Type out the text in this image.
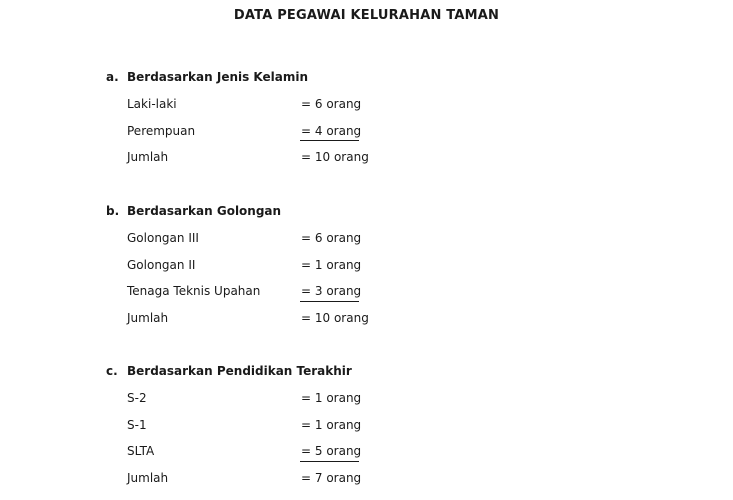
DATA PEGAWAI KELURAHAN TAMAN
a. Berdasarkan Jenis Kelamin
Laki-laki	= 6 orang
Perempuan	= 4 orang
Jumlah	= 10 orang
b. Berdasarkan Golongan
Golongan III	= 6 orang
Golongan II	= 1 orang
Tenaga Teknis Upahan	= 3 orang
Jumlah	= 10 orang
c. Berdasarkan Pendidikan Terakhir
S-2	= 1 orang
S-1	= 1 orang
SLTA	= 5 orang
Jumlah	= 7 orang
